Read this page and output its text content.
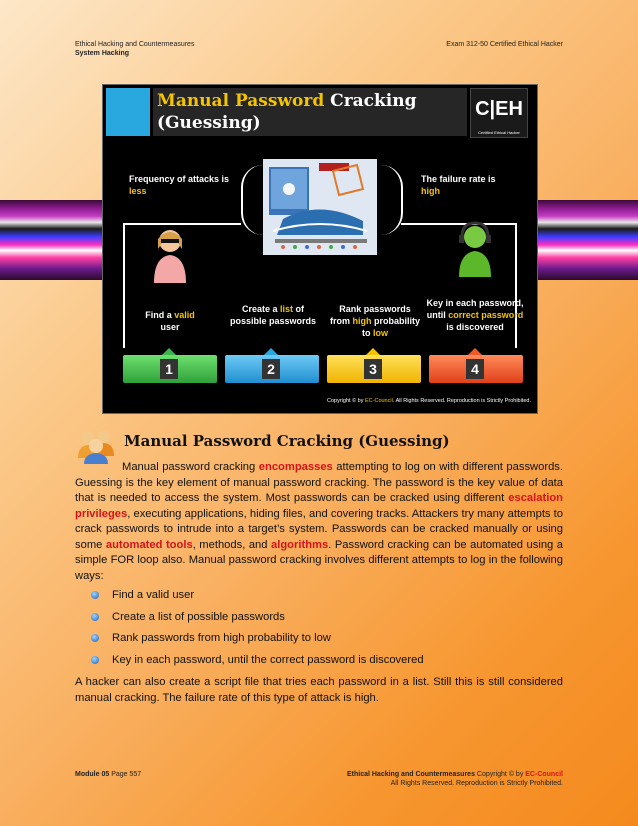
Ethical Hacking and Countermeasures
System Hacking
Exam 312-50 Certified Ethical Hacker
Manual Password Cracking
(Guessing)
C|EH
Certified Ethical Hacker
Frequency of attacks is
less
The failure rate is
high
Find a valid
user
Create a list of possible passwords
Rank passwords from high probability to low
Key in each password, until correct password is discovered
1	2	3	4
Copyright © by EC-Council. All Rights Reserved. Reproduction is Strictly Prohibited.
Manual Password Cracking (Guessing)

Manual password cracking encompasses attempting to log on with different passwords. Guessing is the key element of manual password cracking. The password is the key value of data that is needed to access the system. Most passwords can be cracked using different escalation privileges, executing applications, hiding files, and covering tracks. Attackers try many attempts to crack passwords to intrude into a target’s system. Passwords can be cracked manually or using some automated tools, methods, and algorithms. Password cracking can be automated using a simple FOR loop also. Manual password cracking involves different attempts to log in the following ways:

Find a valid user
Create a list of possible passwords
Rank passwords from high probability to low
Key in each password, until the correct password is discovered

A hacker can also create a script file that tries each password in a list. Still this is still considered manual cracking. The failure rate of this type of attack is high.

Module 05 Page 557	Ethical Hacking and Countermeasures Copyright © by EC-Council
All Rights Reserved. Reproduction is Strictly Prohibited.
